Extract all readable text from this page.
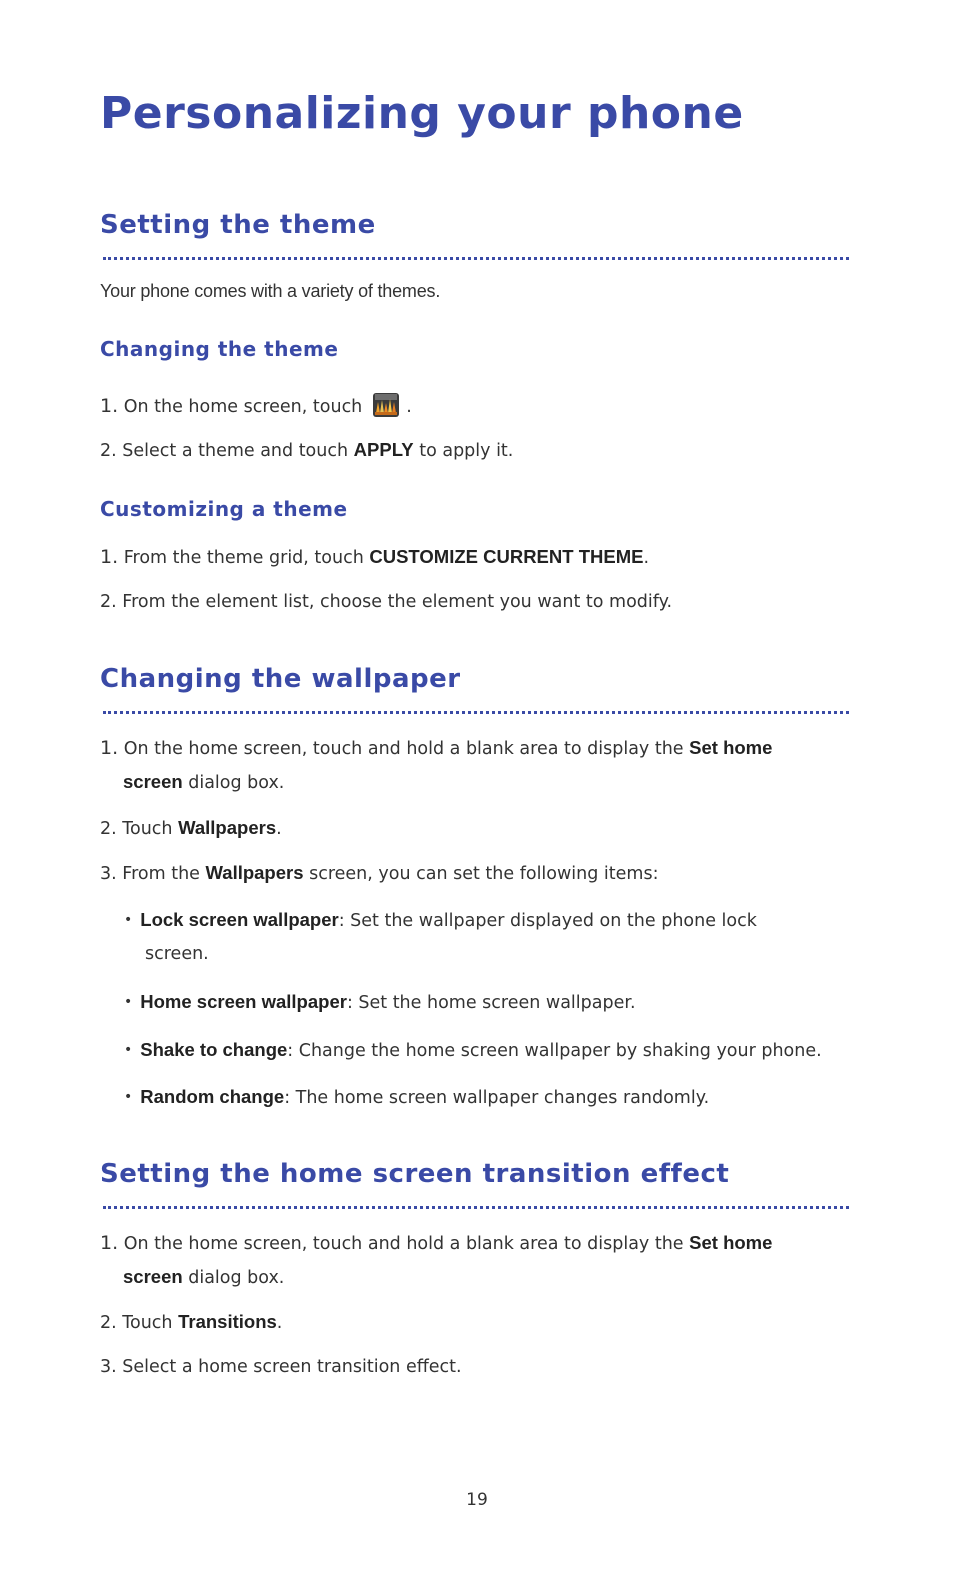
Personalizing your phone
Setting the theme
Your phone comes with a variety of themes.
Changing the theme
1. On the home screen, touch	.
2. Select a theme and touch APPLY to apply it.
Customizing a theme
1. From the theme grid, touch CUSTOMIZE CURRENT THEME.
2. From the element list, choose the element you want to modify.
Changing the wallpaper
1. On the home screen, touch and hold a blank area to display the Set home
screen dialog box.
2. Touch Wallpapers.
3. From the Wallpapers screen, you can set the following items:
• Lock screen wallpaper: Set the wallpaper displayed on the phone lock
screen.
• Home screen wallpaper: Set the home screen wallpaper.
• Shake to change: Change the home screen wallpaper by shaking your phone.
• Random change: The home screen wallpaper changes randomly.
Setting the home screen transition effect
1. On the home screen, touch and hold a blank area to display the Set home
screen dialog box.
2. Touch Transitions.
3. Select a home screen transition effect.
19
